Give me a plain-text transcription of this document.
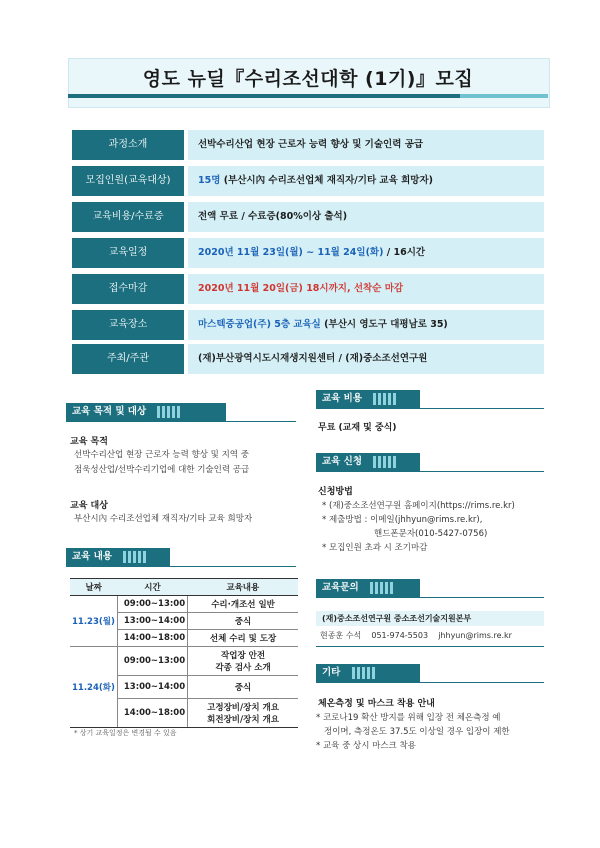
영도 뉴딜『수리조선대학 (1기)』모집
과정소개	선박수리산업 현장 근로자 능력 향상 및 기술인력 공급
모집인원(교육대상)	15명 (부산시內 수리조선업체 재직자/기타 교육 희망자)
교육비용/수료증	전액 무료 / 수료증(80%이상 출석)
교육일정	2020년 11월 23일(월) ~ 11월 24일(화) / 16시간
접수마감	2020년 11월 20일(금) 18시까지, 선착순 마감
교육장소	마스텍중공업(주) 5층 교육실 (부산시 영도구 대평남로 35)
주최/주관	(재)부산광역시도시재생지원센터 / (재)중소조선연구원
교육 목적 및 대상
교육 목적
선박수리산업 현장 근로자 능력 향상 및 지역 중
점욱성산업/선박수리기업에 대한 기술인력 공급
교육 대상
부산시內 수리조선업체 재직자/기타 교육 희망자
교육 내용
날짜	시간	교육내용
11.23(월)	09:00~13:00	수리·개조선 일반
	13:00~14:00	중식
	14:00~18:00	선체 수리 및 도장
11.24(화)	09:00~13:00	작업장 안전
각종 검사 소개

	13:00~14:00	중식
	14:00~18:00	고정장비/장치 개요
회전장비/장치 개요
* 상기 교육일정은 변경될 수 있음
교육 비용
무료 (교재 및 중식)
교육 신청
신청방법
* (재)중소조선연구원 홈페이지(https://rims.re.kr)
* 제출방법 : 이메일(jhhyun@rims.re.kr),
핸드폰문자(010-5427-0756)
* 모집인원 초과 시 조기마감
교육문의
(재)중소조선연구원 중소조선기술지원본부
현종훈 수석 051-974-5503 jhhyun@rims.re.kr
기타
체온측정 및 마스크 착용 안내
* 코로나19 확산 방지를 위해 입장 전 체온측정 예
정이며, 측정온도 37.5도 이상일 경우 입장이 제한
* 교육 중 상시 마스크 착용
